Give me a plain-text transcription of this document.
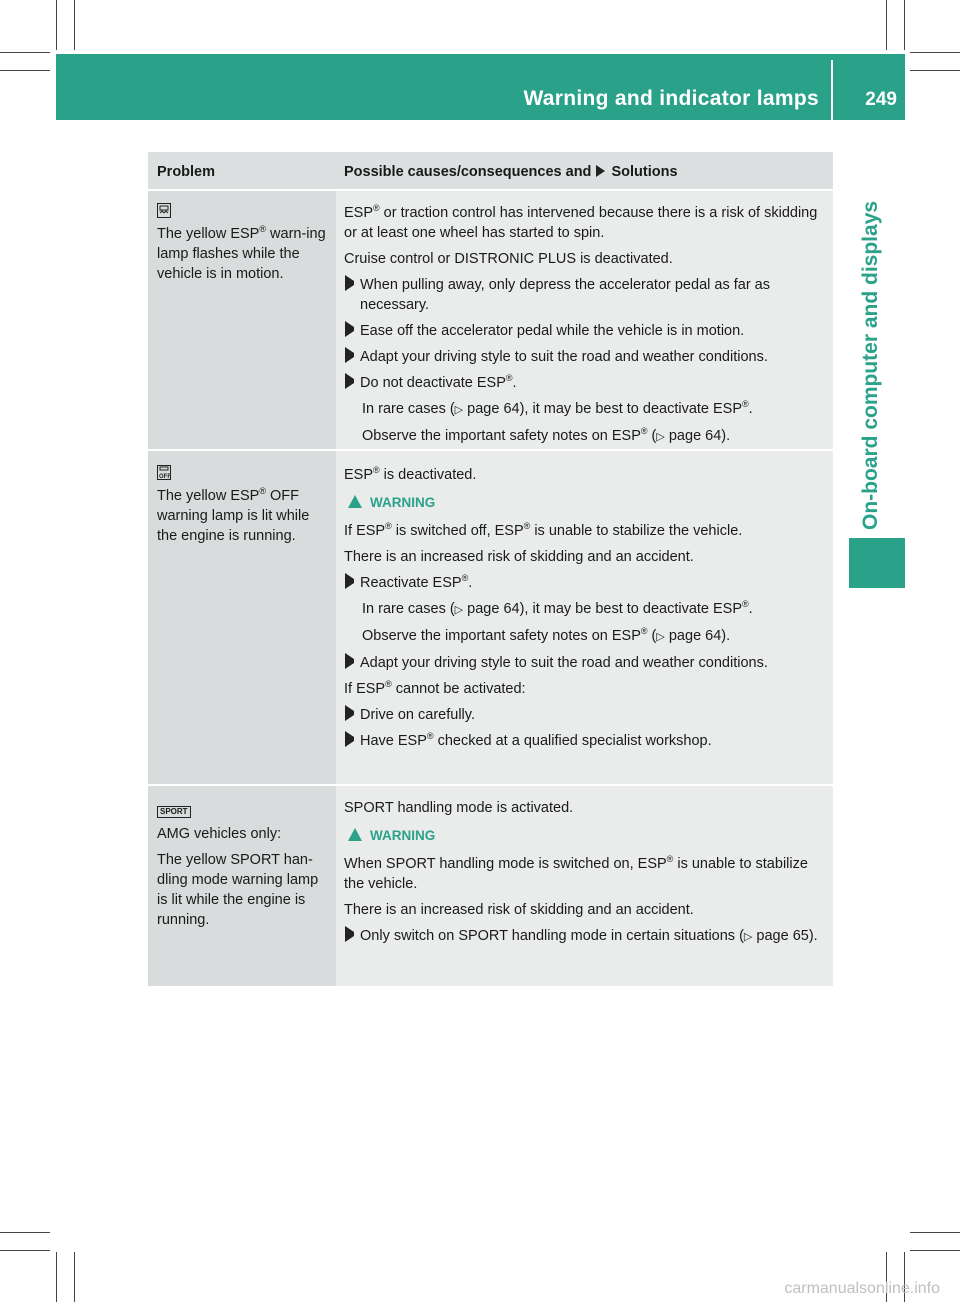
Warning and indicator lamps 249
On-board computer and displays
Problem	Possible causes/consequences and Solutions

The yellow ESP® warn-ing lamp flashes while the vehicle is in motion.

ESP® or traction control has intervened because there is a risk of skidding or at least one wheel has started to spin.

Cruise control or DISTRONIC PLUS is deactivated.

When pulling away, only depress the accelerator pedal as far as necessary.
Ease off the accelerator pedal while the vehicle is in motion.
Adapt your driving style to suit the road and weather conditions.
Do not deactivate ESP®.

In rare cases (▷ page 64), it may be best to deactivate ESP®.

Observe the important safety notes on ESP® (▷ page 64).

OFF

The yellow ESP® OFF warning lamp is lit while the engine is running.

ESP® is deactivated.

WARNING

If ESP® is switched off, ESP® is unable to stabilize the vehicle.

There is an increased risk of skidding and an accident.

Reactivate ESP®.

In rare cases (▷ page 64), it may be best to deactivate ESP®.

Observe the important safety notes on ESP® (▷ page 64).

Adapt your driving style to suit the road and weather conditions.

If ESP® cannot be activated:

Drive on carefully.
Have ESP® checked at a qualified specialist workshop.
SPORT

AMG vehicles only:

The yellow SPORT han-dling mode warning lamp is lit while the engine is running.

SPORT handling mode is activated.

WARNING

When SPORT handling mode is switched on, ESP® is unable to stabilize the vehicle.

There is an increased risk of skidding and an accident.

Only switch on SPORT handling mode in certain situations (▷ page 65).
carmanualsonline.info
